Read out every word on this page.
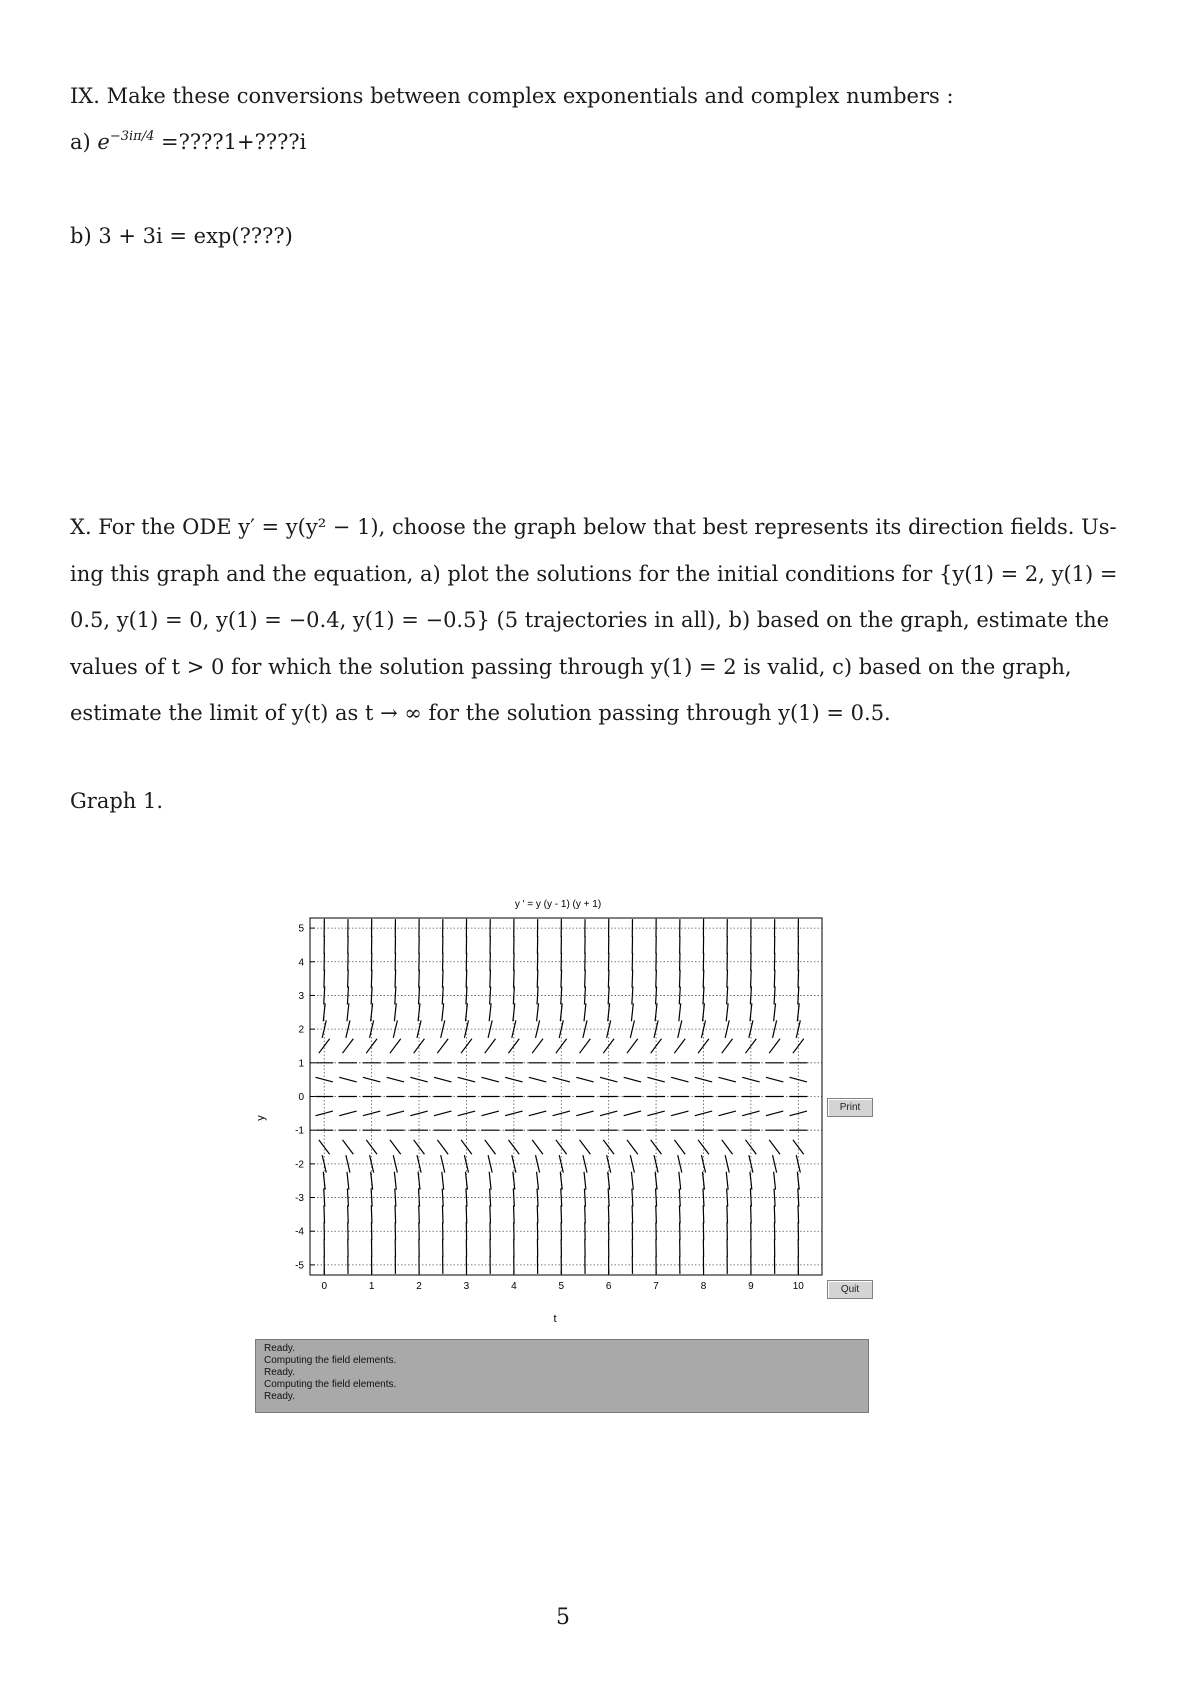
IX. Make these conversions between complex exponentials and complex numbers :
a) $e^{-3i\pi/4}$ =????1+????i
b) 3 + 3i = exp(????)
X. For the ODE y′ = y(y² − 1), choose the graph below that best represents its direction fields. Us-
ing this graph and the equation, a) plot the solutions for the initial conditions for {y(1) = 2, y(1) =
0.5, y(1) = 0, y(1) = −0.4, y(1) = −0.5} (5 trajectories in all), b) based on the graph, estimate the
values of t > 0 for which the solution passing through y(1) = 2 is valid, c) based on the graph,
estimate the limit of y(t) as t → ∞ for the solution passing through y(1) = 0.5.
Graph 1.
y ' = y (y - 1) (y + 1)
0	1	2	3	4	5	6	7	8	9	10
5
4
3
2
1
0
-1
-2
-3
-4
-5
t
y
Print
Quit
Ready.
Computing the field elements.
Ready.
Computing the field elements.
Ready.
5
